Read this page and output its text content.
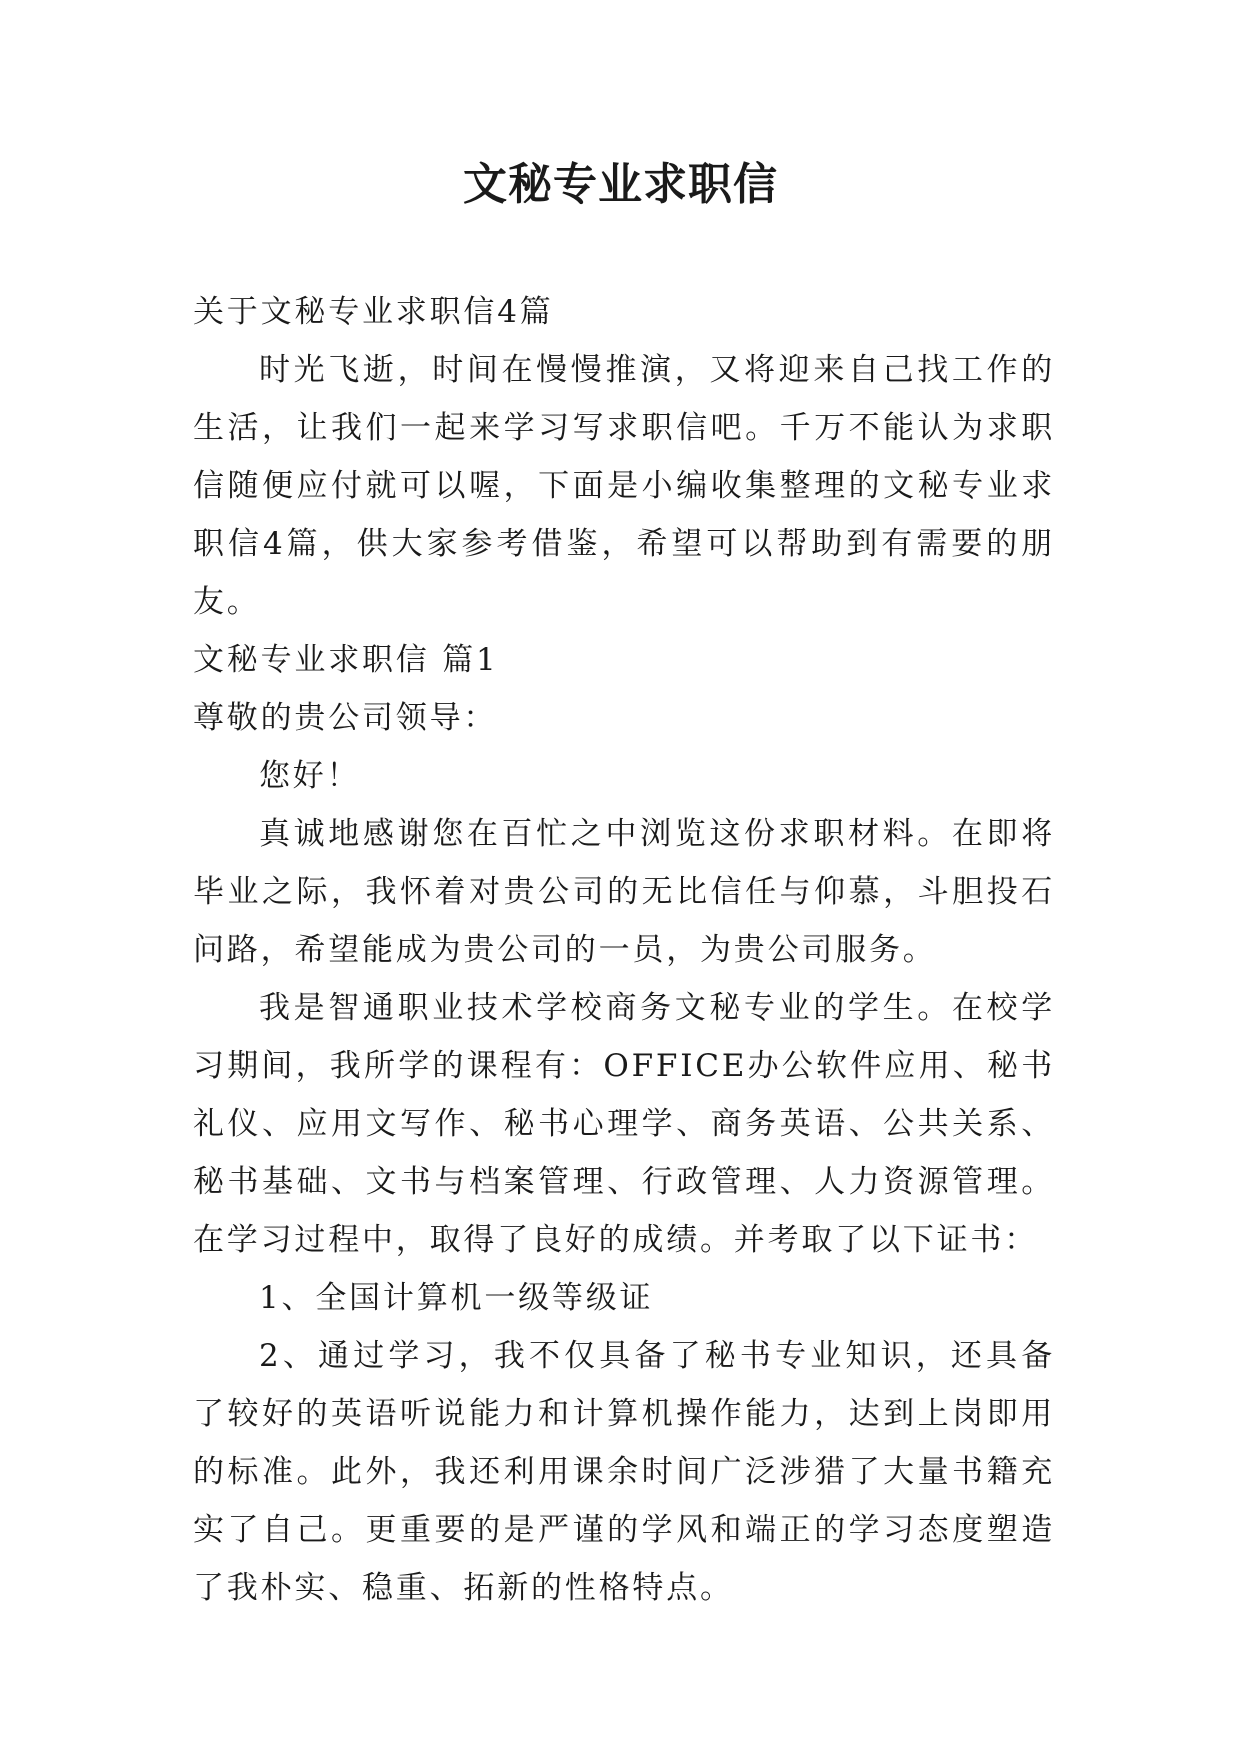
文秘专业求职信

关于文秘专业求职信4篇

时光飞逝，时间在慢慢推演，又将迎来自己找工作的生活，让我们一起来学习写求职信吧。千万不能认为求职信随便应付就可以喔，下面是小编收集整理的文秘专业求职信4篇，供大家参考借鉴，希望可以帮助到有需要的朋友。

文秘专业求职信 篇1

尊敬的贵公司领导：

您好！

真诚地感谢您在百忙之中浏览这份求职材料。在即将毕业之际，我怀着对贵公司的无比信任与仰慕，斗胆投石问路，希望能成为贵公司的一员，为贵公司服务。

我是智通职业技术学校商务文秘专业的学生。在校学习期间，我所学的课程有：OFFICE办公软件应用、秘书礼仪、应用文写作、秘书心理学、商务英语、公共关系、秘书基础、文书与档案管理、行政管理、人力资源管理。在学习过程中，取得了良好的成绩。并考取了以下证书：

1、全国计算机一级等级证

2、通过学习，我不仅具备了秘书专业知识，还具备了较好的英语听说能力和计算机操作能力，达到上岗即用的标准。此外，我还利用课余时间广泛涉猎了大量书籍充实了自己。更重要的是严谨的学风和端正的学习态度塑造了我朴实、稳重、拓新的性格特点。
